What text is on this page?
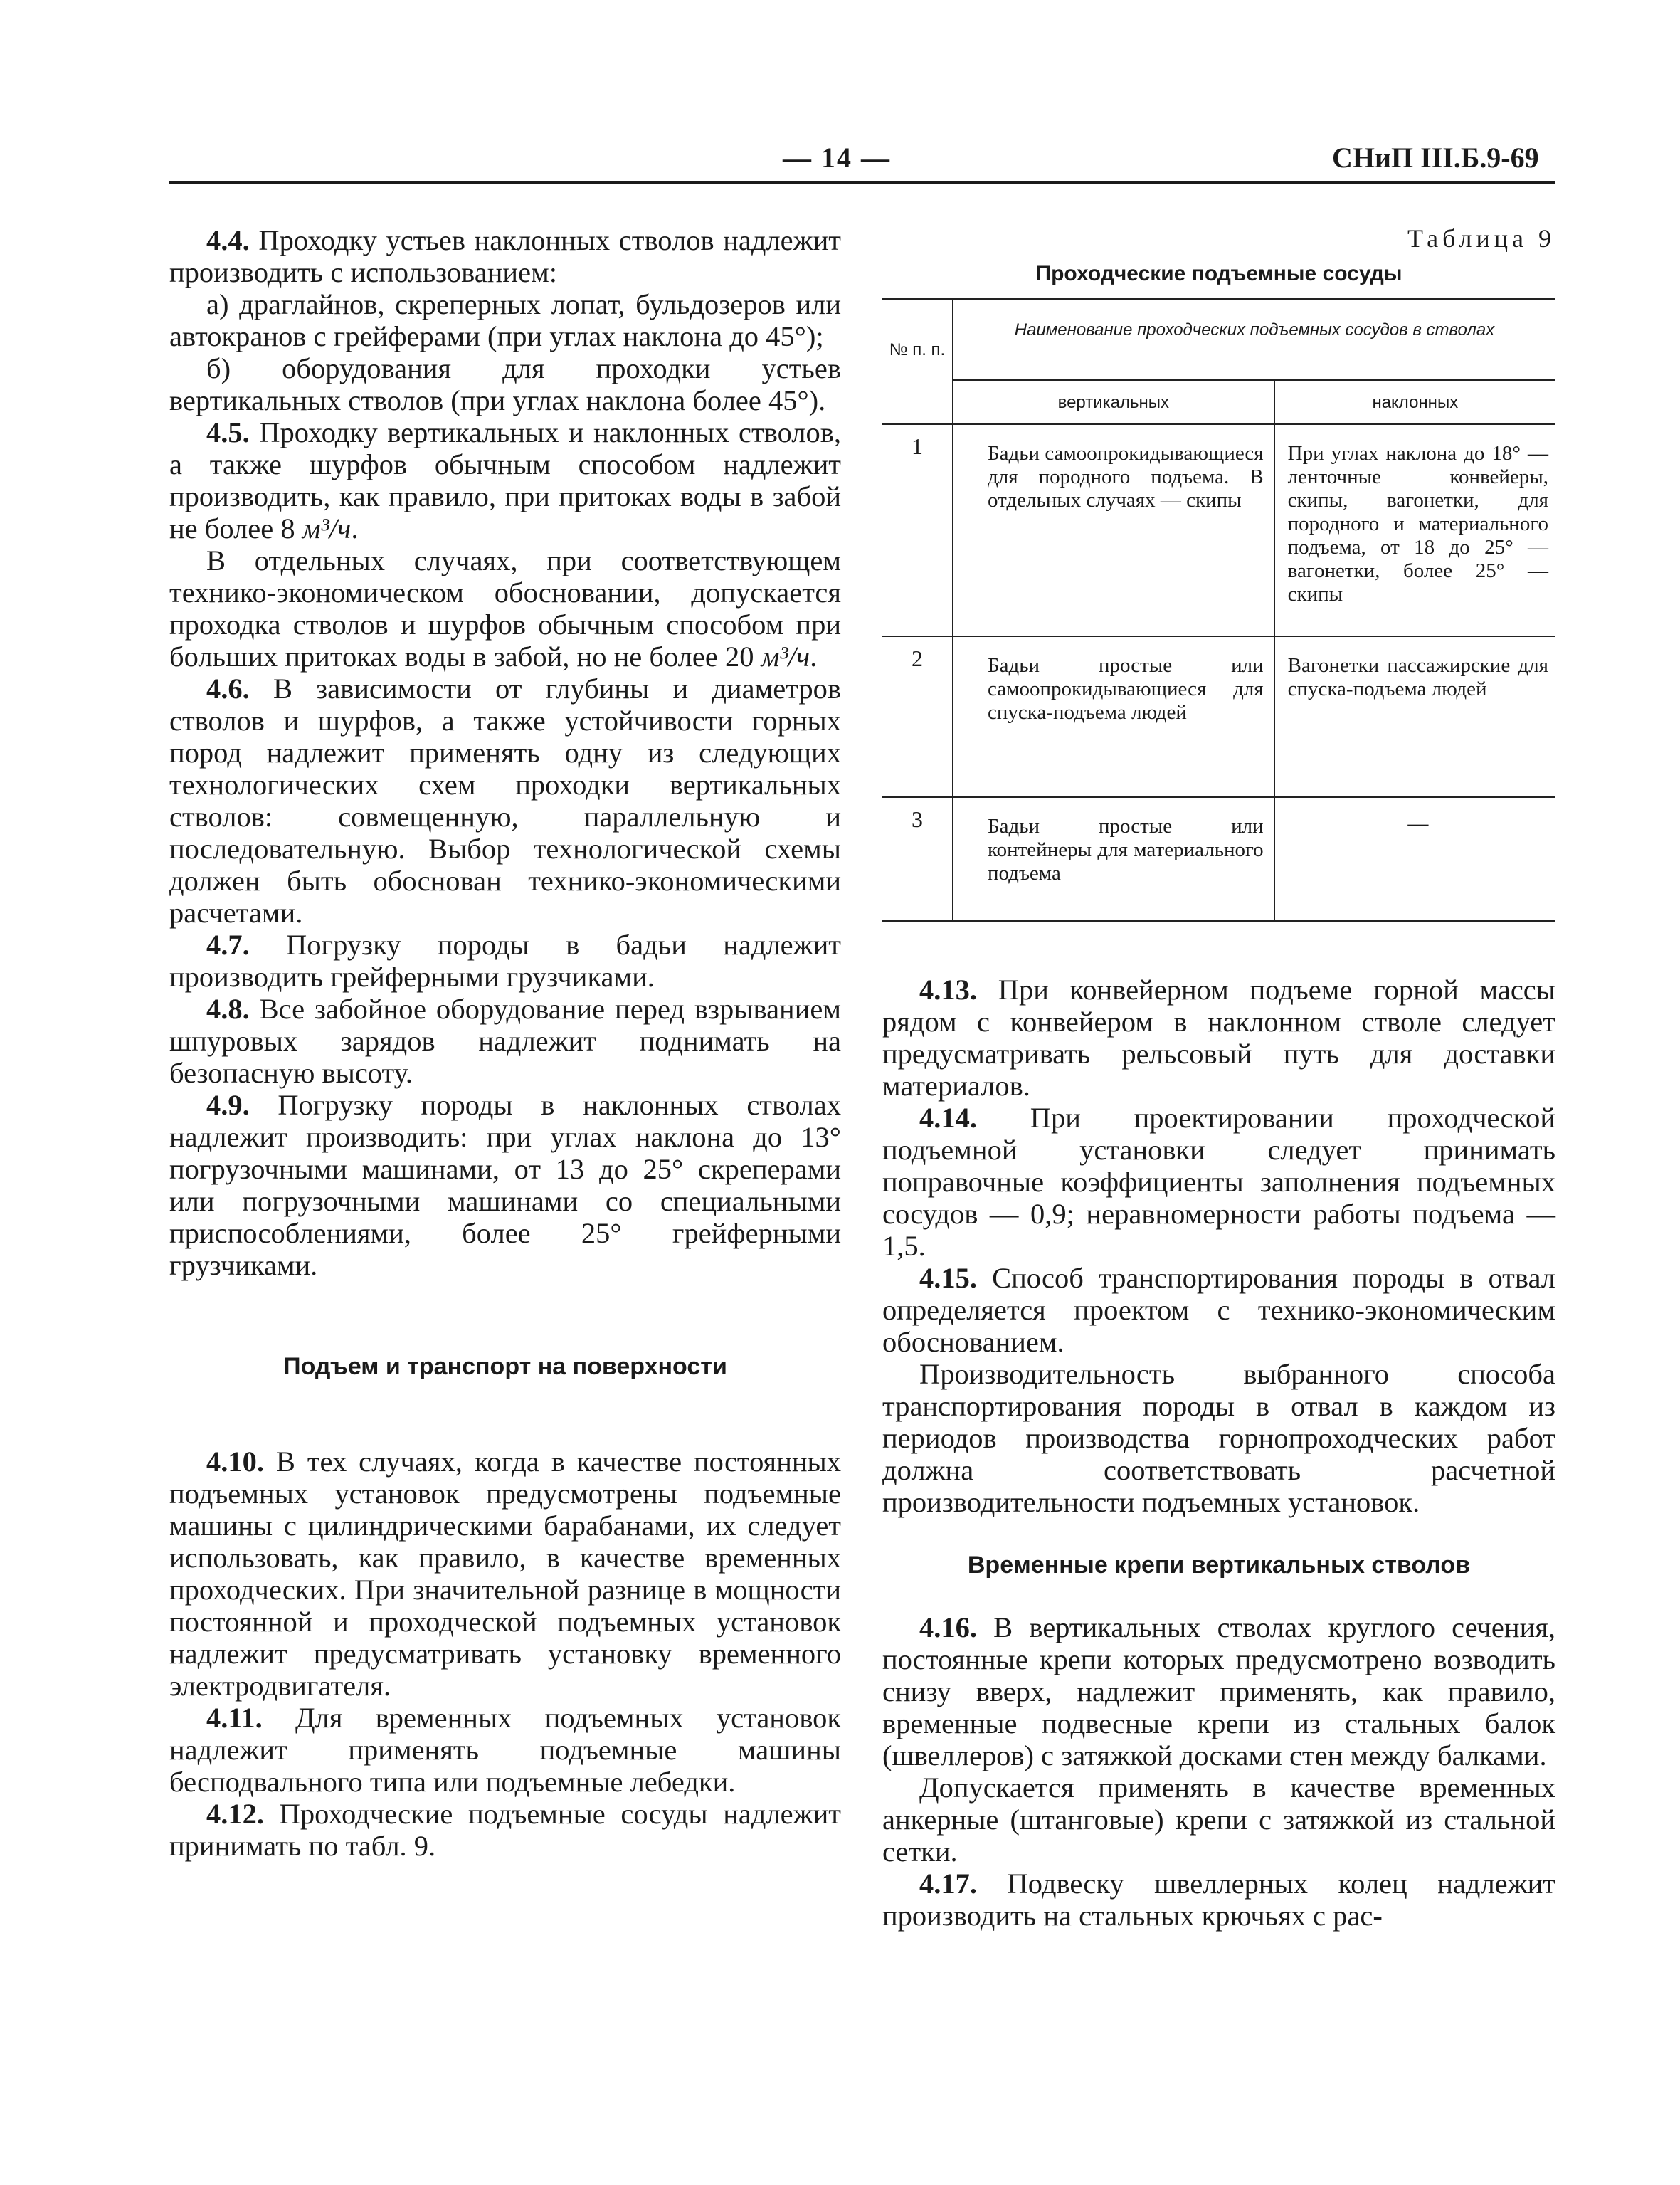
— 14 —	СНиП III.Б.9-69

4.4. Проходку устьев наклонных стволов надлежит производить с использованием:

а) драглайнов, скреперных лопат, бульдозеров или автокранов с грейферами (при углах наклона до 45°);

б) оборудования для проходки устьев вертикальных стволов (при углах наклона более 45°).

4.5. Проходку вертикальных и наклонных стволов, а также шурфов обычным способом надлежит производить, как правило, при притоках воды в забой не более 8 м³/ч.

В отдельных случаях, при соответствующем технико-экономическом обосновании, допускается проходка стволов и шурфов обычным способом при больших притоках воды в забой, но не более 20 м³/ч.

4.6. В зависимости от глубины и диаметров стволов и шурфов, а также устойчивости горных пород надлежит применять одну из следующих технологических схем проходки вертикальных стволов: совмещенную, параллельную и последовательную. Выбор технологической схемы должен быть обоснован технико-экономическими расчетами.

4.7. Погрузку породы в бадьи надлежит производить грейферными грузчиками.

4.8. Все забойное оборудование перед взрыванием шпуровых зарядов надлежит поднимать на безопасную высоту.

4.9. Погрузку породы в наклонных стволах надлежит производить: при углах наклона до 13° погрузочными машинами, от 13 до 25° скреперами или погрузочными машинами со специальными приспособлениями, более 25° грейферными грузчиками.

Подъем и транспорт на поверхности

4.10. В тех случаях, когда в качестве постоянных подъемных установок предусмотрены подъемные машины с цилиндрическими барабанами, их следует использовать, как правило, в качестве временных проходческих. При значительной разнице в мощности постоянной и проходческой подъемных установок надлежит предусматривать установку временного электродвигателя.

4.11. Для временных подъемных установок надлежит применять подъемные машины бесподвального типа или подъемные лебедки.

4.12. Проходческие подъемные сосуды надлежит принимать по табл. 9.

Таблица 9
Проходческие подъемные сосуды
№ п. п.	Наименование проходческих подъемных сосудов в стволах	
	вертикальных	наклонных
1	Бадьи самоопрокидывающиеся для породного подъема. В отдельных случаях — скипы	При углах наклона до 18° — ленточные конвейеры, скипы, вагонетки, для породного и материального подъема, от 18 до 25° — вагонетки, более 25° — скипы
2	Бадьи простые или самоопрокидывающиеся для спуска-подъема людей	Вагонетки пассажирские для спуска-подъема людей
3	Бадьи простые или контейнеры для материального подъема	—

4.13. При конвейерном подъеме горной массы рядом с конвейером в наклонном стволе следует предусматривать рельсовый путь для доставки материалов.

4.14. При проектировании проходческой подъемной установки следует принимать поправочные коэффициенты заполнения подъемных сосудов — 0,9; неравномерности работы подъема — 1,5.

4.15. Способ транспортирования породы в отвал определяется проектом с технико-экономическим обоснованием.

Производительность выбранного способа транспортирования породы в отвал в каждом из периодов производства горнопроходческих работ должна соответствовать расчетной производительности подъемных установок.

Временные крепи вертикальных стволов

4.16. В вертикальных стволах круглого сечения, постоянные крепи которых предусмотрено возводить снизу вверх, надлежит применять, как правило, временные подвесные крепи из стальных балок (швеллеров) с затяжкой досками стен между балками.

Допускается применять в качестве временных анкерные (штанговые) крепи с затяжкой из стальной сетки.

4.17. Подвеску швеллерных колец надлежит производить на стальных крючьях с рас-
